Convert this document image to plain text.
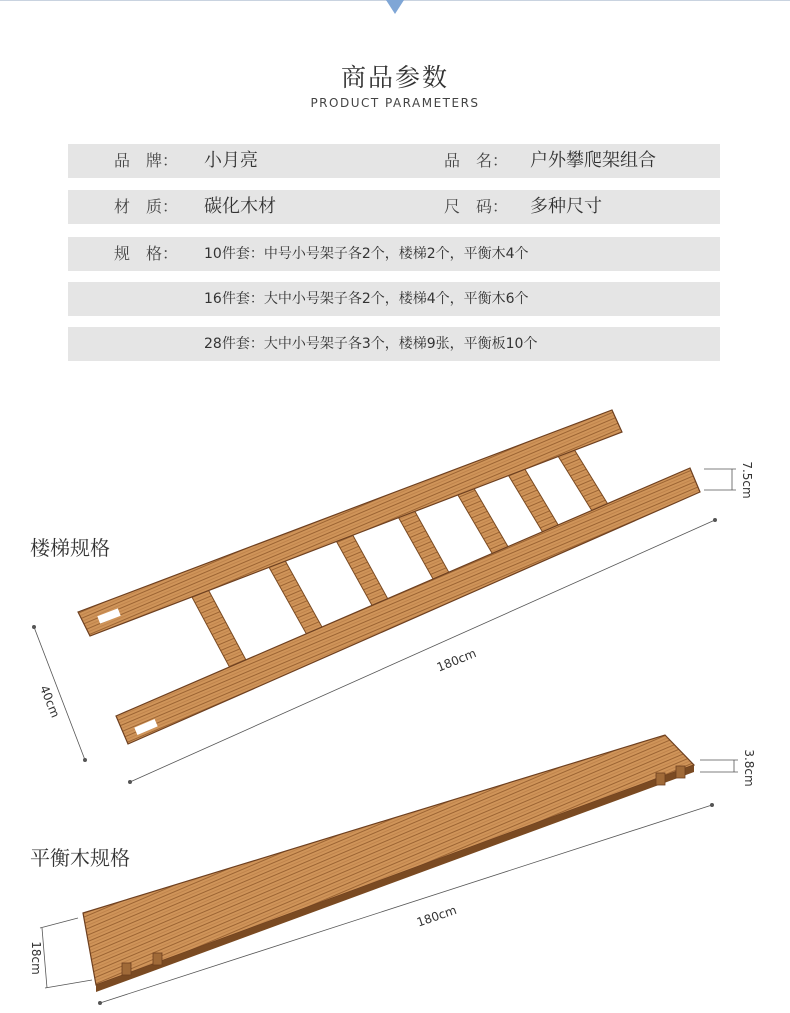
商品参数
PRODUCT PARAMETERS
品　牌： 小月亮	品　名： 户外攀爬架组合
材　质： 碳化木材	尺　码： 多种尺寸
规　格： 10件套：中号小号架子各2个，楼梯2个，平衡木4个
16件套：大中小号架子各2个，楼梯4个，平衡木6个
28件套：大中小号架子各3个，楼梯9张，平衡板10个
楼梯规格
平衡木规格
180cm
40cm
7.5cm
180cm
18cm
3.8cm
